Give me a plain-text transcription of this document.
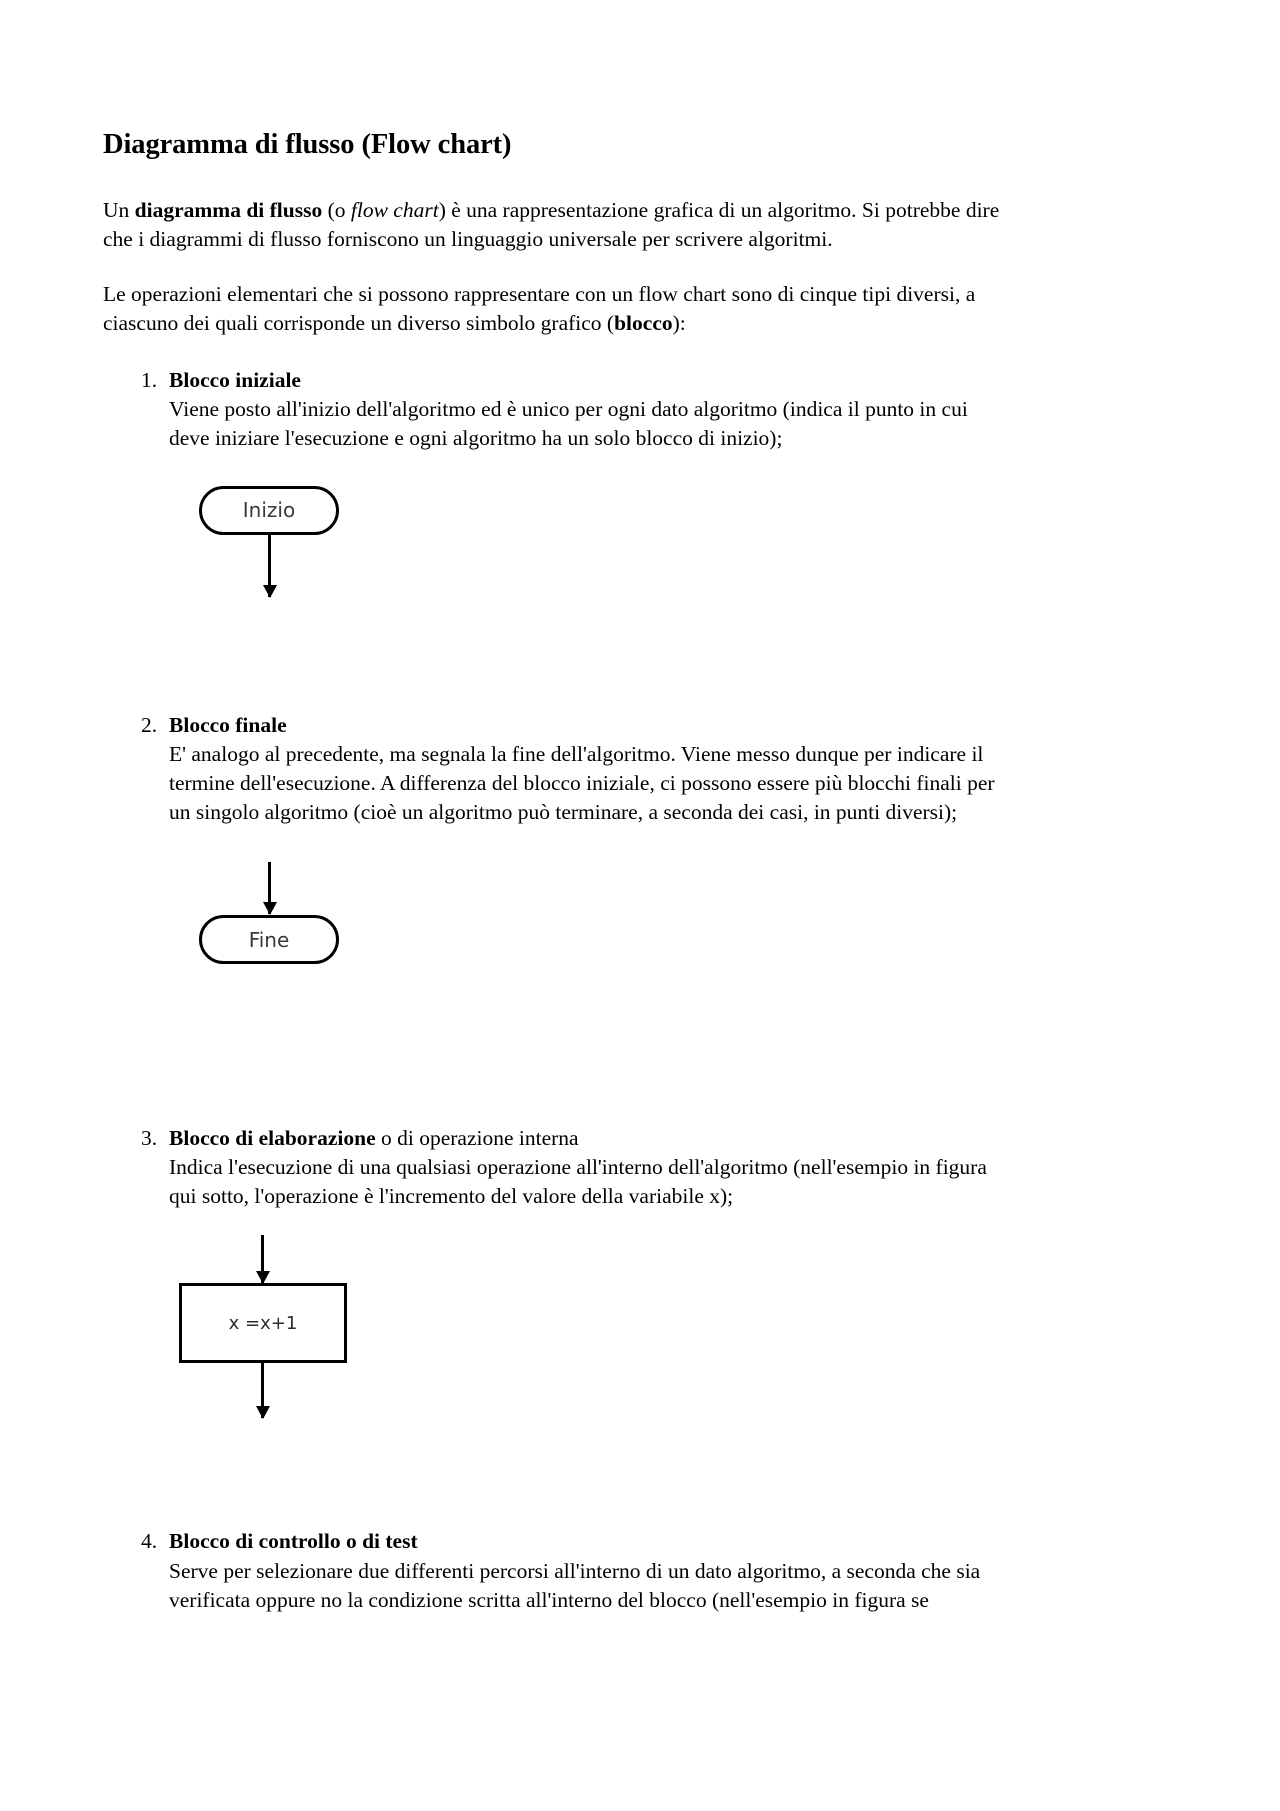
Diagramma di flusso (Flow chart)

Un diagramma di flusso (o flow chart) è una rappresentazione grafica di un algoritmo. Si potrebbe dire che i diagrammi di flusso forniscono un linguaggio universale per scrivere algoritmi.

Le operazioni elementari che si possono rappresentare con un flow chart sono di cinque tipi diversi, a ciascuno dei quali corrisponde un diverso simbolo grafico (blocco):

1. Blocco iniziale
Viene posto all'inizio dell'algoritmo ed è unico per ogni dato algoritmo (indica il punto in cui deve iniziare l'esecuzione e ogni algoritmo ha un solo blocco di inizio);
Inizio
2. Blocco finale
E' analogo al precedente, ma segnala la fine dell'algoritmo. Viene messo dunque per indicare il termine dell'esecuzione. A differenza del blocco iniziale, ci possono essere più blocchi finali per un singolo algoritmo (cioè un algoritmo può terminare, a seconda dei casi, in punti diversi);
Fine
3. Blocco di elaborazione o di operazione interna
Indica l'esecuzione di una qualsiasi operazione all'interno dell'algoritmo (nell'esempio in figura qui sotto, l'operazione è l'incremento del valore della variabile x);
x =x+1
4. Blocco di controllo o di test
Serve per selezionare due differenti percorsi all'interno di un dato algoritmo, a seconda che sia verificata oppure no la condizione scritta all'interno del blocco (nell'esempio in figura se
